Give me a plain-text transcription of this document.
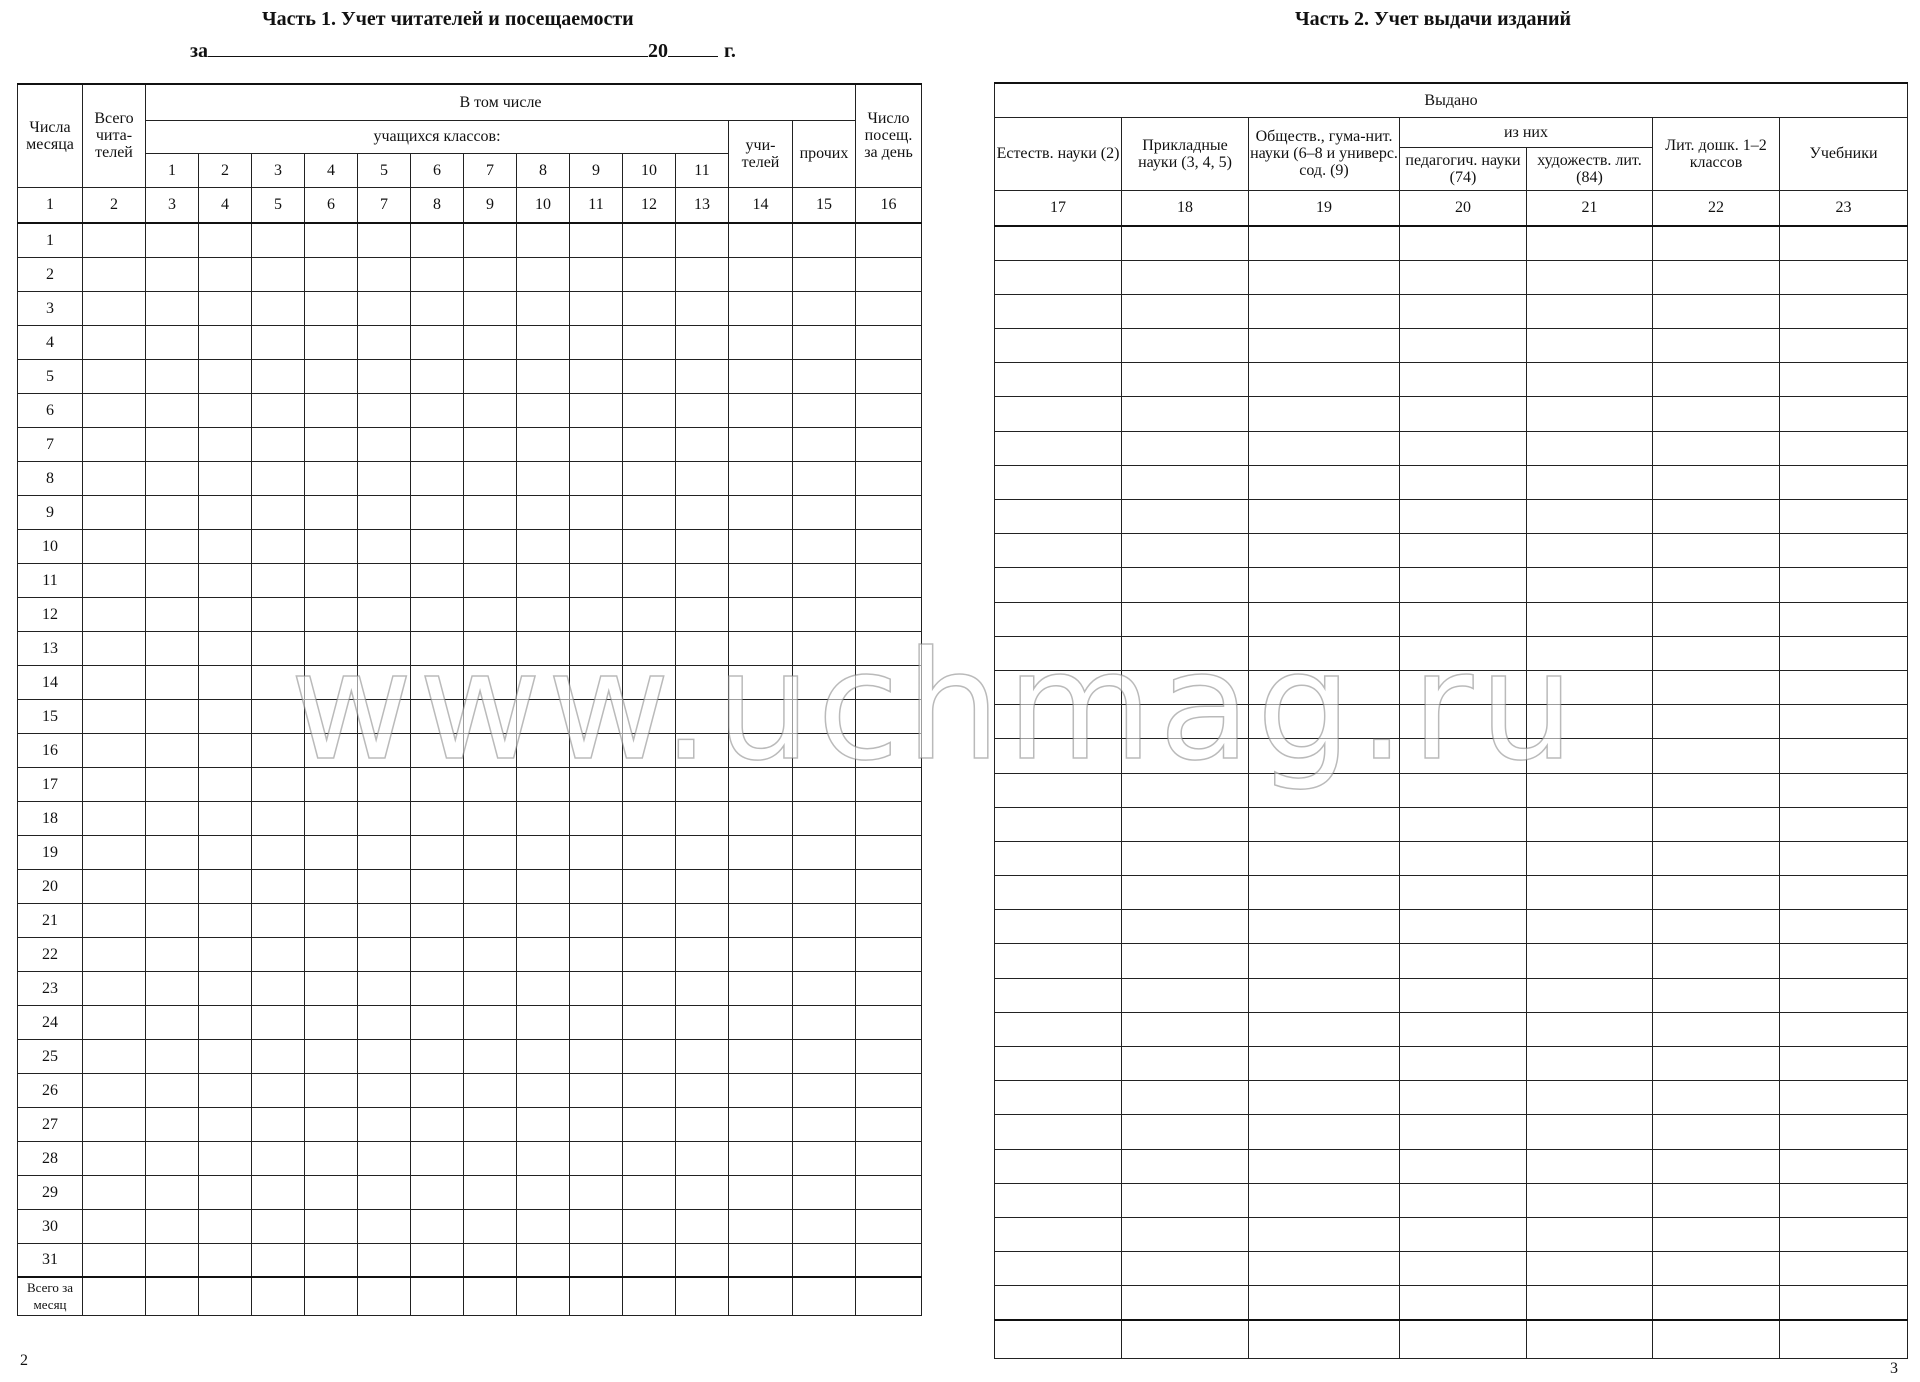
Часть 1. Учет читателей и посещаемости
за	20	г.
Числа месяца	Всего чита-телей	В том числе													Число посещ. за день
		учащихся классов:											учи-телей	прочих	
		1	2	3	4	5	6	7	8	9	10	11			
1	2	3	4	5	6	7	8	9	10	11	12	13	14	15	16
1															
2															
3															
4															
5															
6															
7															
8															
9															
10															
11															
12															
13															
14															
15															
16															
17															
18															
19															
20															
21															
22															
23															
24															
25															
26															
27															
28															
29															
30															
31															
Всего за месяц															
2
Часть 2. Учет выдачи изданий
Выдано						
Естеств. науки (2)	Прикладные науки (3, 4, 5)	Обществ., гума-нит. науки (6–8 и универс. сод. (9)	из них		Лит. дошк. 1–2 классов	Учебники
			педагогич. науки (74)	художеств. лит. (84)		
17	18	19	20	21	22	23

3
www.uchmag.ru
